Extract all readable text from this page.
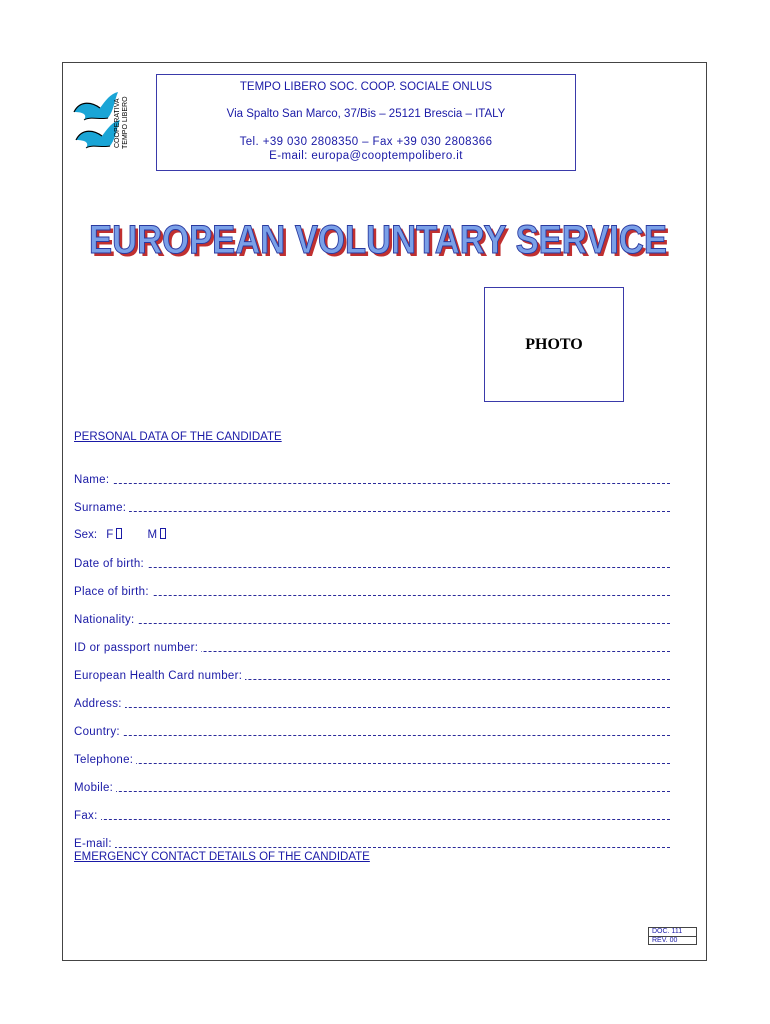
COOPERATIVA TEMPO LIBERO
TEMPO LIBERO SOC. COOP. SOCIALE ONLUS
Via Spalto San Marco, 37/Bis – 25121 Brescia – ITALY
Tel. +39 030 2808350 – Fax +39 030 2808366
E-mail: europa@cooptempolibero.it
EUROPEAN VOLUNTARY SERVICE
EUROPEAN VOLUNTARY SERVICE
PHOTO
PERSONAL DATA OF THE CANDIDATE
Name:
Surname:
Sex: F	M
Date of birth:
Place of birth:
Nationality:
ID or passport number:
European Health Card number:
Address:
Country:
Telephone:
Mobile:
Fax:
E-mail:
EMERGENCY CONTACT DETAILS OF THE CANDIDATE
DOC. 111
REV. 00
